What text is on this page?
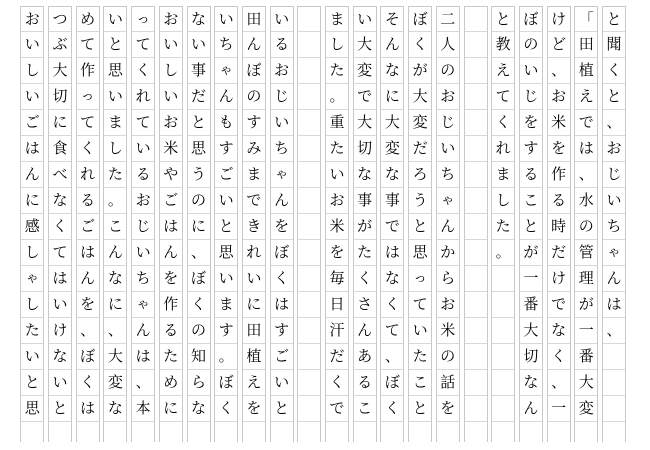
と
聞
く
と
、
お
じ
い
ち
ゃ
ん
は
、
「
田
植
え
で
は
、
水
の
管
理
が
一
番
大
変
け
ど
、
お
米
を
作
る
時
だ
け
で
な
く
、
一
ぼ
の
い
じ
を
す
る
こ
と
が
一
番
大
切
な
ん
と
教
え
て
く
れ
ま
し
た
。
二
人
の
お
じ
い
ち
ゃ
ん
か
ら
お
米
の
話
を
ぼ
く
が
大
変
だ
ろ
う
と
思
っ
て
い
た
こ
と
そ
ん
な
に
大
変
な
事
で
は
な
く
て
、
ぼ
く
い
大
変
で
大
切
な
事
が
た
く
さ
ん
あ
る
こ
ま
し
た
。
重
た
い
お
米
を
毎
日
汗
だ
く
で
い
る
お
じ
い
ち
ゃ
ん
を
ぼ
く
は
す
ご
い
と
田
ん
ぼ
の
す
み
ま
で
き
れ
い
に
田
植
え
を
い
ち
ゃ
ん
も
す
ご
い
と
思
い
ま
す
。
ぼ
く
な
い
事
だ
と
思
う
の
に
、
ぼ
く
の
知
ら
な
お
い
し
い
お
米
や
ご
は
ん
を
作
る
た
め
に
っ
て
く
れ
て
い
る
お
じ
い
ち
ゃ
ん
は
、
本
い
と
思
い
ま
し
た
。
こ
ん
な
に
、
大
変
な
め
て
作
っ
て
く
れ
る
ご
は
ん
を
、
ぼ
く
は
つ
ぶ
大
切
に
食
べ
な
く
て
は
い
け
な
い
と
お
い
し
い
ご
は
ん
に
感
し
ゃ
し
た
い
と
思
